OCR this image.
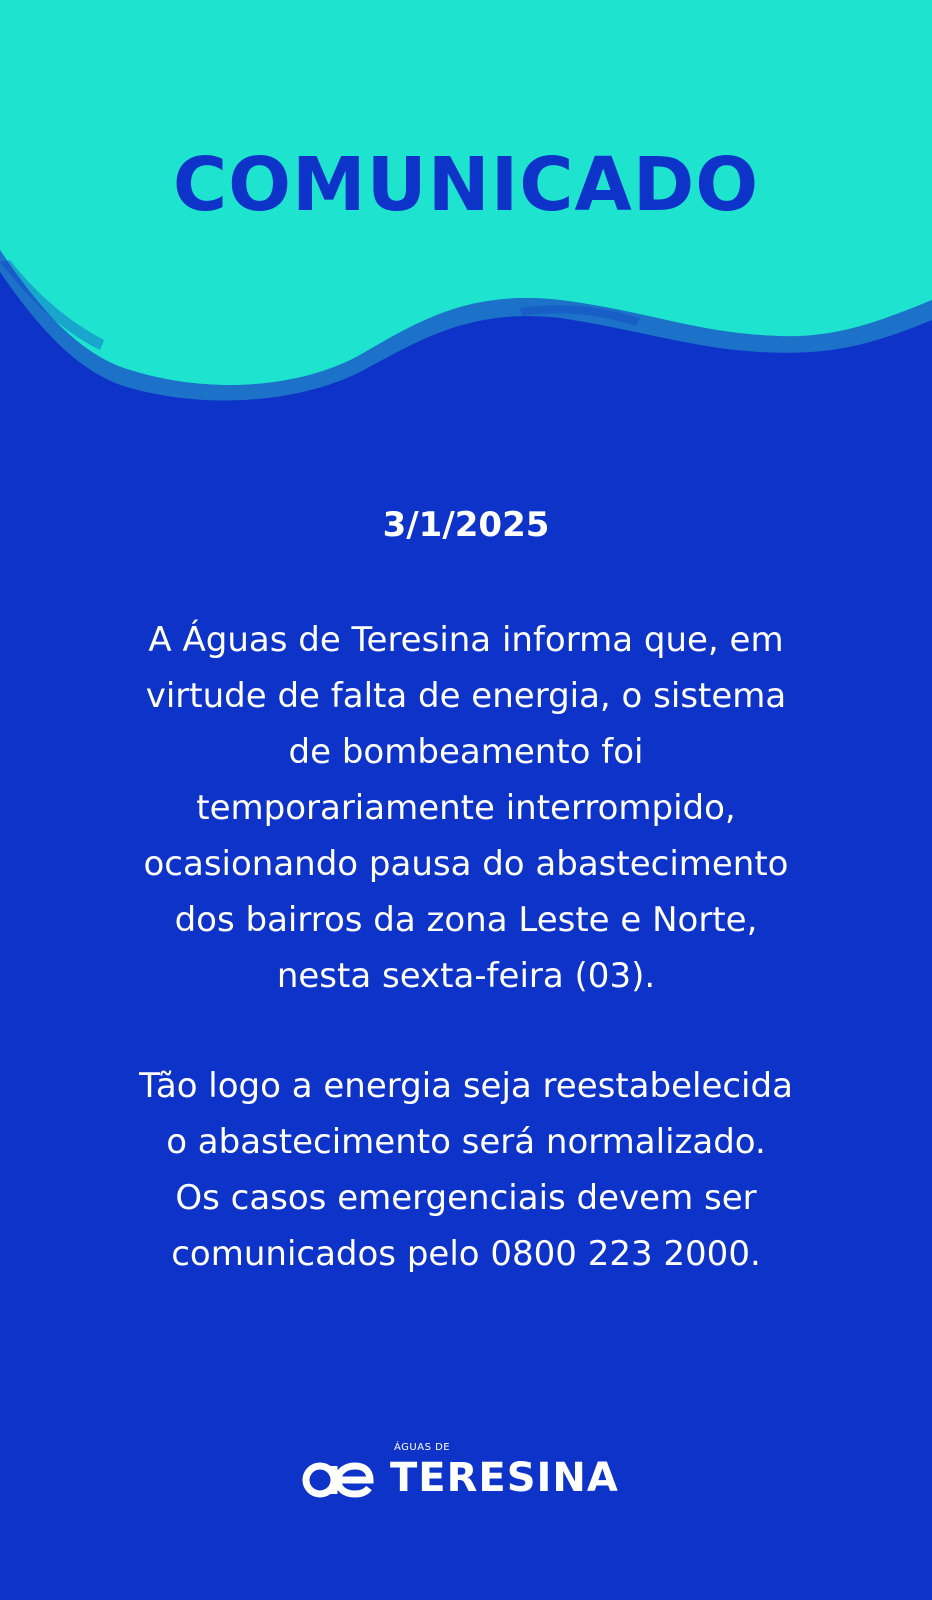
COMUNICADO
3/1/2025

A Águas de Teresina informa que, em
virtude de falta de energia, o sistema
de bombeamento foi
temporariamente interrompido,
ocasionando pausa do abastecimento
dos bairros da zona Leste e Norte,
nesta sexta-feira (03).

Tão logo a energia seja reestabelecida
o abastecimento será normalizado.
Os casos emergenciais devem ser
comunicados pelo 0800 223 2000.

ÁGUAS DE
TERESINA
